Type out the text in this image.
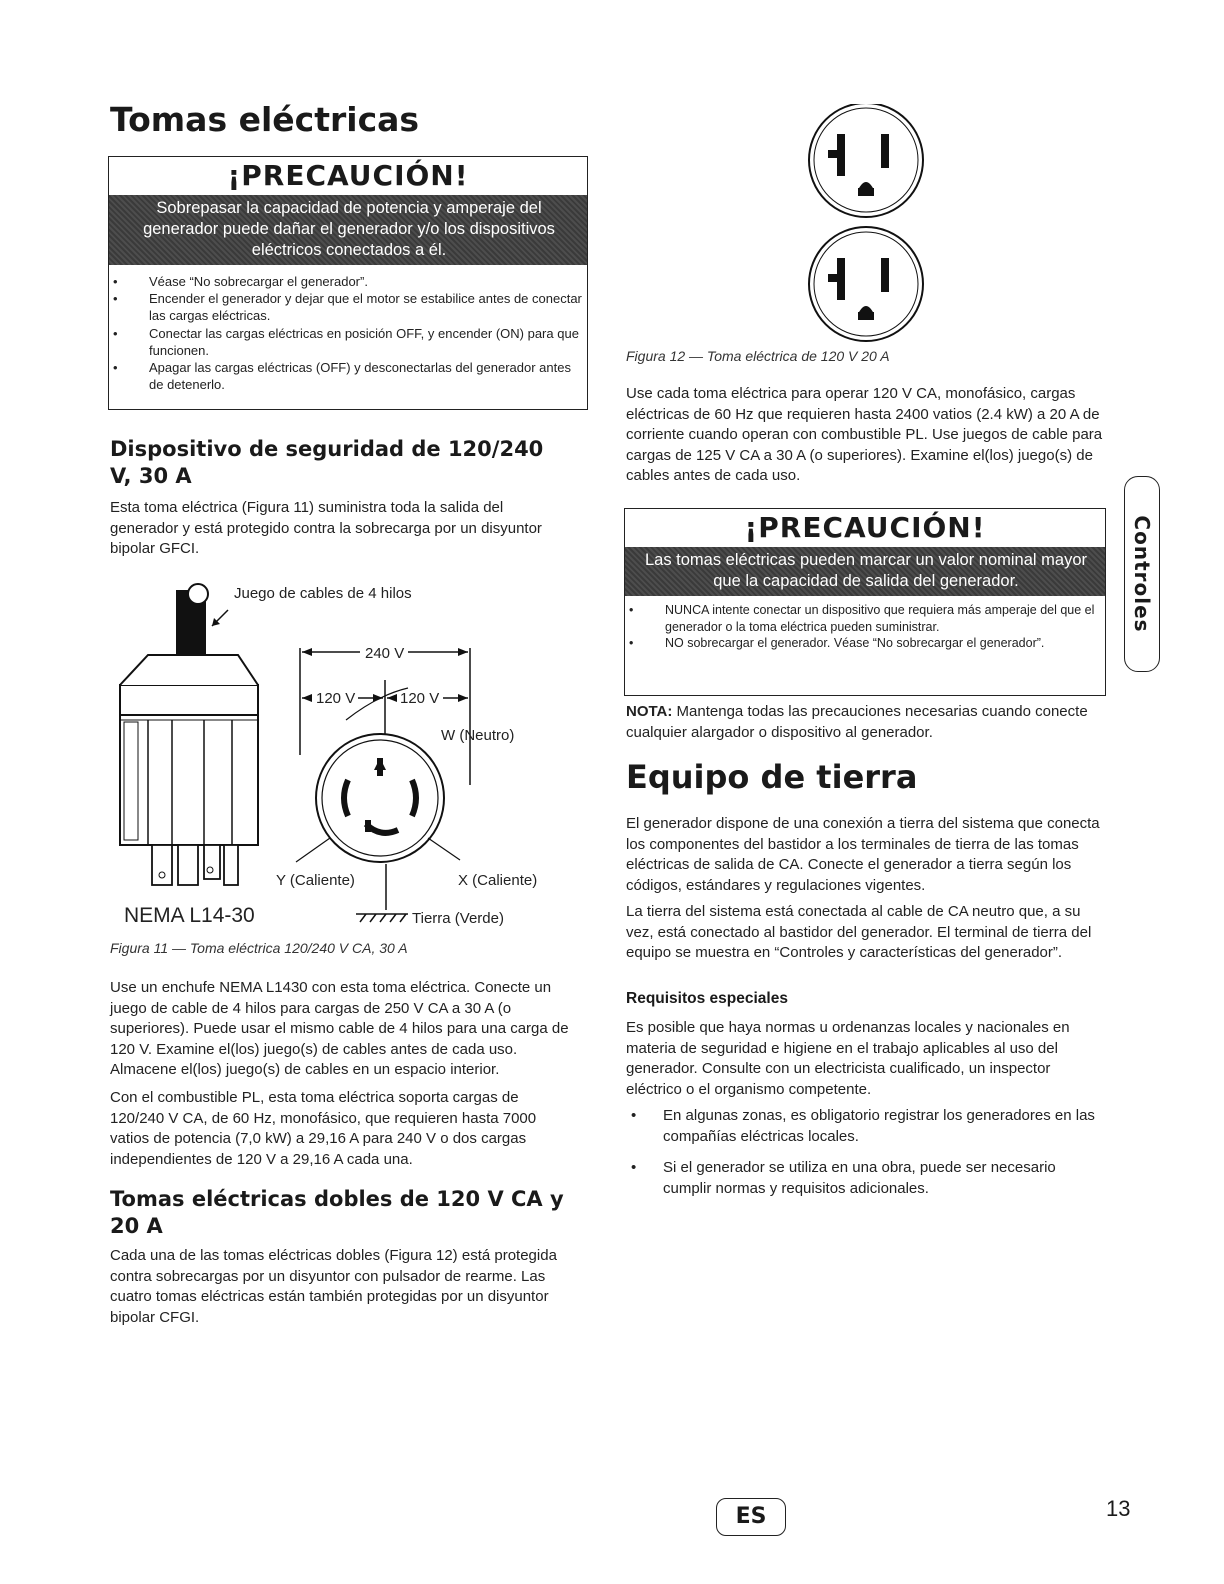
Tomas eléctricas
¡PRECAUCIÓN!
Sobrepasar la capacidad de potencia y amperaje del generador puede dañar el generador y/o los dispositivos eléctricos conectados a él.
• Véase “No sobrecargar el generador”.
• Encender el generador y dejar que el motor se estabilice antes de conectar las cargas eléctricas.
• Conectar las cargas eléctricas en posición OFF, y encender (ON) para que funcionen.
• Apagar las cargas eléctricas (OFF) y desconectarlas del generador antes de detenerlo.
Dispositivo de seguridad de 120/240 V, 30 A
Esta toma eléctrica (Figura 11) suministra toda la salida del generador y está protegido contra la sobrecarga por un disyuntor bipolar GFCI.
Juego de cables de 4 hilos
240 V
120 V	120 V
W (Neutro)
Y (Caliente)	X (Caliente)
Tierra (Verde)
NEMA L14-30
Figura 11 — Toma eléctrica 120/240 V CA, 30 A
Use un enchufe NEMA L1430 con esta toma eléctrica. Conecte un juego de cable de 4 hilos para cargas de 250 V CA a 30 A (o superiores). Puede usar el mismo cable de 4 hilos para una carga de 120 V. Examine el(los) juego(s) de cables antes de cada uso. Almacene el(los) juego(s) de cables en un espacio interior.
Con el combustible PL, esta toma eléctrica soporta cargas de 120/240 V CA, de 60 Hz, monofásico, que requieren hasta 7000 vatios de potencia (7,0 kW) a 29,16 A para 240 V o dos cargas independientes de 120 V a 29,16 A cada una.
Tomas eléctricas dobles de 120 V CA y 20 A
Cada una de las tomas eléctricas dobles (Figura 12) está protegida contra sobrecargas por un disyuntor con pulsador de rearme. Las cuatro tomas eléctricas están también protegidas por un disyuntor bipolar CFGI.
Figura 12 — Toma eléctrica de 120 V 20 A
Use cada toma eléctrica para operar 120 V CA, monofásico, cargas eléctricas de 60 Hz que requieren hasta 2400 vatios (2.4 kW) a 20 A de corriente cuando operan con combustible PL. Use juegos de cable para cargas de 125 V CA a 30 A (o superiores). Examine el(los) juego(s) de cables antes de cada uso.
¡PRECAUCIÓN!
Las tomas eléctricas pueden marcar un valor nominal mayor que la capacidad de salida del generador.
• NUNCA intente conectar un dispositivo que requiera más amperaje del que el generador o la toma eléctrica pueden suministrar.
• NO sobrecargar el generador. Véase “No sobrecargar el generador”.
NOTA: Mantenga todas las precauciones necesarias cuando conecte cualquier alargador o dispositivo al generador.
Equipo de tierra
El generador dispone de una conexión a tierra del sistema que conecta los componentes del bastidor a los terminales de tierra de las tomas eléctricas de salida de CA. Conecte el generador a tierra según los códigos, estándares y regulaciones vigentes.
La tierra del sistema está conectada al cable de CA neutro que, a su vez, está conectado al bastidor del generador. El terminal de tierra del equipo se muestra en “Controles y características del generador”.
Requisitos especiales
Es posible que haya normas u ordenanzas locales y nacionales en materia de seguridad e higiene en el trabajo aplicables al uso del generador. Consulte con un electricista cualificado, un inspector eléctrico o el organismo competente.
• En algunas zonas, es obligatorio registrar los generadores en las compañías eléctricas locales.
• Si el generador se utiliza en una obra, puede ser necesario cumplir normas y requisitos adicionales.
Controles
ES	13
